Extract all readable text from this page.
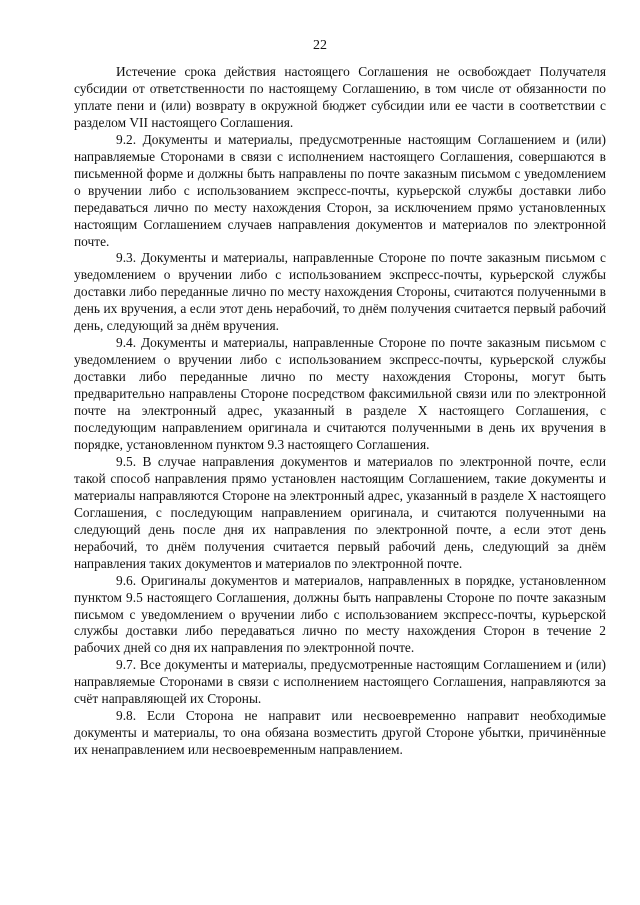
22

Истечение срока действия настоящего Соглашения не освобождает Получателя субсидии от ответственности по настоящему Соглашению, в том числе от обязанности по уплате пени и (или) возврату в окружной бюджет субсидии или ее части в соответствии с разделом VII настоящего Соглашения.

9.2. Документы и материалы, предусмотренные настоящим Соглашением и (или) направляемые Сторонами в связи с исполнением настоящего Соглашения, совершаются в письменной форме и должны быть направлены по почте заказным письмом с уведомлением о вручении либо с использованием экспресс-почты, курьерской службы доставки либо передаваться лично по месту нахождения Сторон, за исключением прямо установленных настоящим Соглашением случаев направления документов и материалов по электронной почте.

9.3. Документы и материалы, направленные Стороне по почте заказным письмом с уведомлением о вручении либо с использованием экспресс-почты, курьерской службы доставки либо переданные лично по месту нахождения Стороны, считаются полученными в день их вручения, а если этот день нерабочий, то днём получения считается первый рабочий день, следующий за днём вручения.

9.4. Документы и материалы, направленные Стороне по почте заказным письмом с уведомлением о вручении либо с использованием экспресс-почты, курьерской службы доставки либо переданные лично по месту нахождения Стороны, могут быть предварительно направлены Стороне посредством факсимильной связи или по электронной почте на электронный адрес, указанный в разделе X настоящего Соглашения, с последующим направлением оригинала и считаются полученными в день их вручения в порядке, установленном пунктом 9.3 настоящего Соглашения.

9.5. В случае направления документов и материалов по электронной почте, если такой способ направления прямо установлен настоящим Соглашением, такие документы и материалы направляются Стороне на электронный адрес, указанный в разделе X настоящего Соглашения, с последующим направлением оригинала, и считаются полученными на следующий день после дня их направления по электронной почте, а если этот день нерабочий, то днём получения считается первый рабочий день, следующий за днём направления таких документов и материалов по электронной почте.

9.6. Оригиналы документов и материалов, направленных в порядке, установленном пунктом 9.5 настоящего Соглашения, должны быть направлены Стороне по почте заказным письмом с уведомлением о вручении либо с использованием экспресс-почты, курьерской службы доставки либо передаваться лично по месту нахождения Сторон в течение 2 рабочих дней со дня их направления по электронной почте.

9.7. Все документы и материалы, предусмотренные настоящим Соглашением и (или) направляемые Сторонами в связи с исполнением настоящего Соглашения, направляются за счёт направляющей их Стороны.

9.8. Если Сторона не направит или несвоевременно направит необходимые документы и материалы, то она обязана возместить другой Стороне убытки, причинённые их ненаправлением или несвоевременным направлением.
